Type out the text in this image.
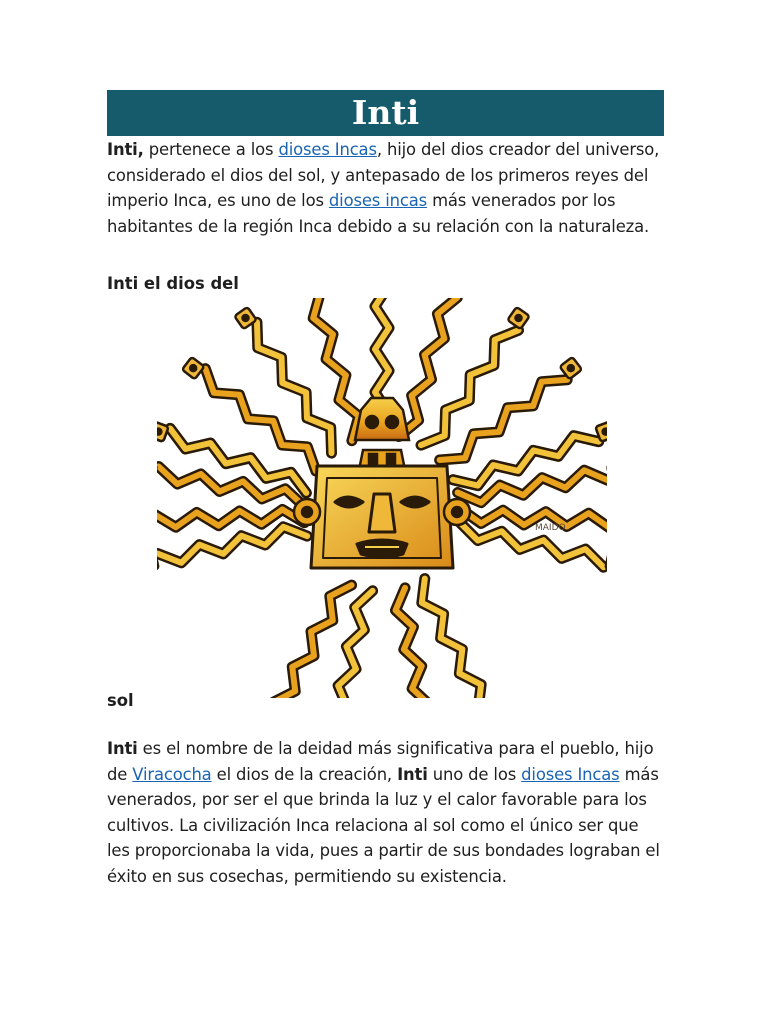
Inti

Inti, pertenece a los dioses Incas, hijo del dios creador del universo, considerado el dios del sol, y antepasado de los primeros reyes del imperio Inca, es uno de los dioses incas más venerados por los habitantes de la región Inca debido a su relación con la naturaleza.

Inti el dios del

MAIDO
sol

Inti es el nombre de la deidad más significativa para el pueblo, hijo de Viracocha el dios de la creación, Inti uno de los dioses Incas más venerados, por ser el que brinda la luz y el calor favorable para los cultivos. La civilización Inca relaciona al sol como el único ser que les proporcionaba la vida, pues a partir de sus bondades lograban el éxito en sus cosechas, permitiendo su existencia.
